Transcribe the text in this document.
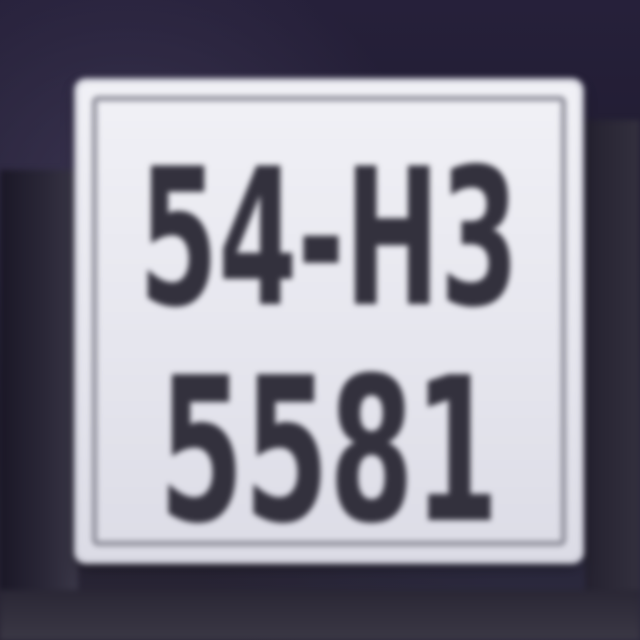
54-H3
5581
